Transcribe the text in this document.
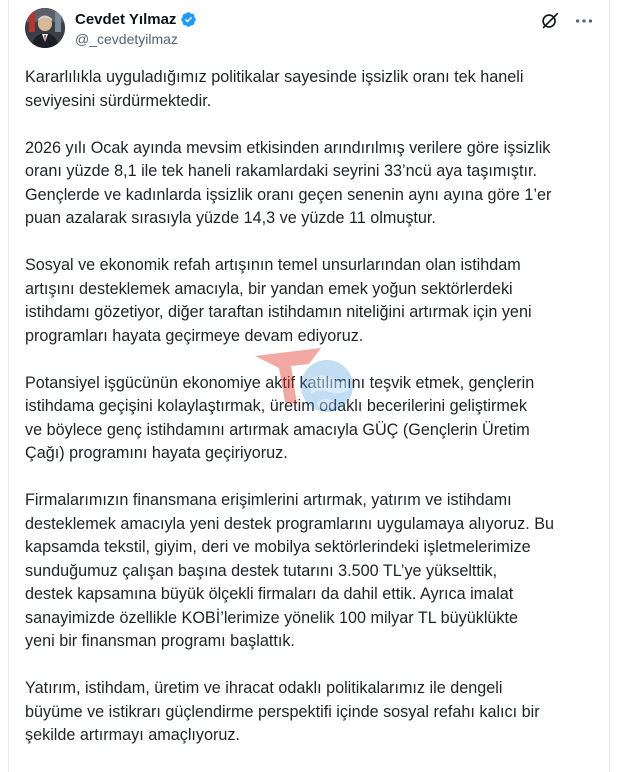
Cevdet Yılmaz
@_cevdetyilmaz

Kararlılıkla uyguladığımız politikalar sayesinde işsizlik oranı tek haneli
seviyesini sürdürmektedir.

2026 yılı Ocak ayında mevsim etkisinden arındırılmış verilere göre işsizlik
oranı yüzde 8,1 ile tek haneli rakamlardaki seyrini 33’ncü aya taşımıştır.
Gençlerde ve kadınlarda işsizlik oranı geçen senenin aynı ayına göre 1’er
puan azalarak sırasıyla yüzde 14,3 ve yüzde 11 olmuştur.

Sosyal ve ekonomik refah artışının temel unsurlarından olan istihdam
artışını desteklemek amacıyla, bir yandan emek yoğun sektörlerdeki
istihdamı gözetiyor, diğer taraftan istihdamın niteliğini artırmak için yeni
programları hayata geçirmeye devam ediyoruz.

Potansiyel işgücünün ekonomiye aktif katılımını teşvik etmek, gençlerin
istihdama geçişini kolaylaştırmak, üretim odaklı becerilerini geliştirmek
ve böylece genç istihdamını artırmak amacıyla GÜÇ (Gençlerin Üretim
Çağı) programını hayata geçiriyoruz.

Firmalarımızın finansmana erişimlerini artırmak, yatırım ve istihdamı
desteklemek amacıyla yeni destek programlarını uygulamaya alıyoruz. Bu
kapsamda tekstil, giyim, deri ve mobilya sektörlerindeki işletmelerimize
sunduğumuz çalışan başına destek tutarını 3.500 TL’ye yükselttik,
destek kapsamına büyük ölçekli firmaları da dahil ettik. Ayrıca imalat
sanayimizde özellikle KOBİ’lerimize yönelik 100 milyar TL büyüklükte
yeni bir finansman programı başlattık.

Yatırım, istihdam, üretim ve ihracat odaklı politikalarımız ile dengeli
büyüme ve istikrarı güçlendirme perspektifi içinde sosyal refahı kalıcı bir
şekilde artırmayı amaçlıyoruz.
